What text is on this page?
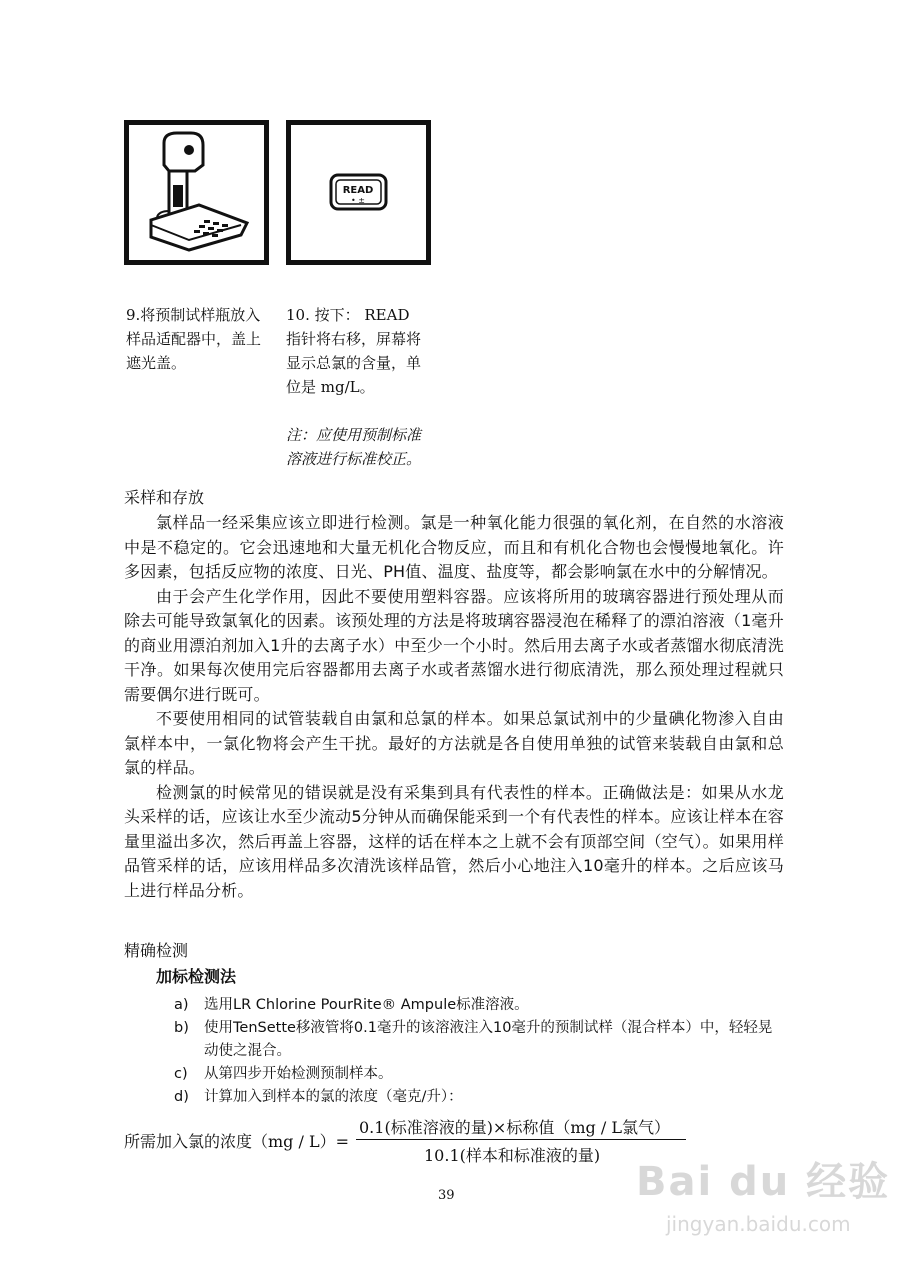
READ
• ±
9.将预制试样瓶放入
样品适配器中，盖上
遮光盖。
10. 按下： READ
指针将右移，屏幕将
显示总氯的含量，单
位是 mg/L。
注：应使用预制标准
溶液进行标准校正。
采样和存放

氯样品一经采集应该立即进行检测。氯是一种氧化能力很强的氧化剂，在自然的水溶液中是不稳定的。它会迅速地和大量无机化合物反应，而且和有机化合物也会慢慢地氧化。许多因素，包括反应物的浓度、日光、PH值、温度、盐度等，都会影响氯在水中的分解情况。

由于会产生化学作用，因此不要使用塑料容器。应该将所用的玻璃容器进行预处理从而除去可能导致氯氧化的因素。该预处理的方法是将玻璃容器浸泡在稀释了的漂泊溶液（1毫升的商业用漂泊剂加入1升的去离子水）中至少一个小时。然后用去离子水或者蒸馏水彻底清洗干净。如果每次使用完后容器都用去离子水或者蒸馏水进行彻底清洗，那么预处理过程就只需要偶尔进行既可。

不要使用相同的试管装载自由氯和总氯的样本。如果总氯试剂中的少量碘化物渗入自由氯样本中，一氯化物将会产生干扰。最好的方法就是各自使用单独的试管来装载自由氯和总氯的样品。

检测氯的时候常见的错误就是没有采集到具有代表性的样本。正确做法是：如果从水龙头采样的话，应该让水至少流动5分钟从而确保能采到一个有代表性的样本。应该让样本在容量里溢出多次，然后再盖上容器，这样的话在样本之上就不会有顶部空间（空气）。如果用样品管采样的话，应该用样品多次清洗该样品管，然后小心地注入10毫升的样本。之后应该马上进行样品分析。

精确检测
加标检测法
a)	选用LR Chlorine PourRite® Ampule标准溶液。
b)	使用TenSette移液管将0.1毫升的该溶液注入10毫升的预制试样（混合样本）中，轻轻晃动使之混合。
c)	从第四步开始检测预制样本。
d)	计算加入到样本的氯的浓度（毫克/升）：
所需加入氯的浓度（mg / L）=
0.1(标准溶液的量)×标称值（mg / L氯气）
10.1(样本和标准液的量)
39	Bai du 经验
jingyan.baidu.com
